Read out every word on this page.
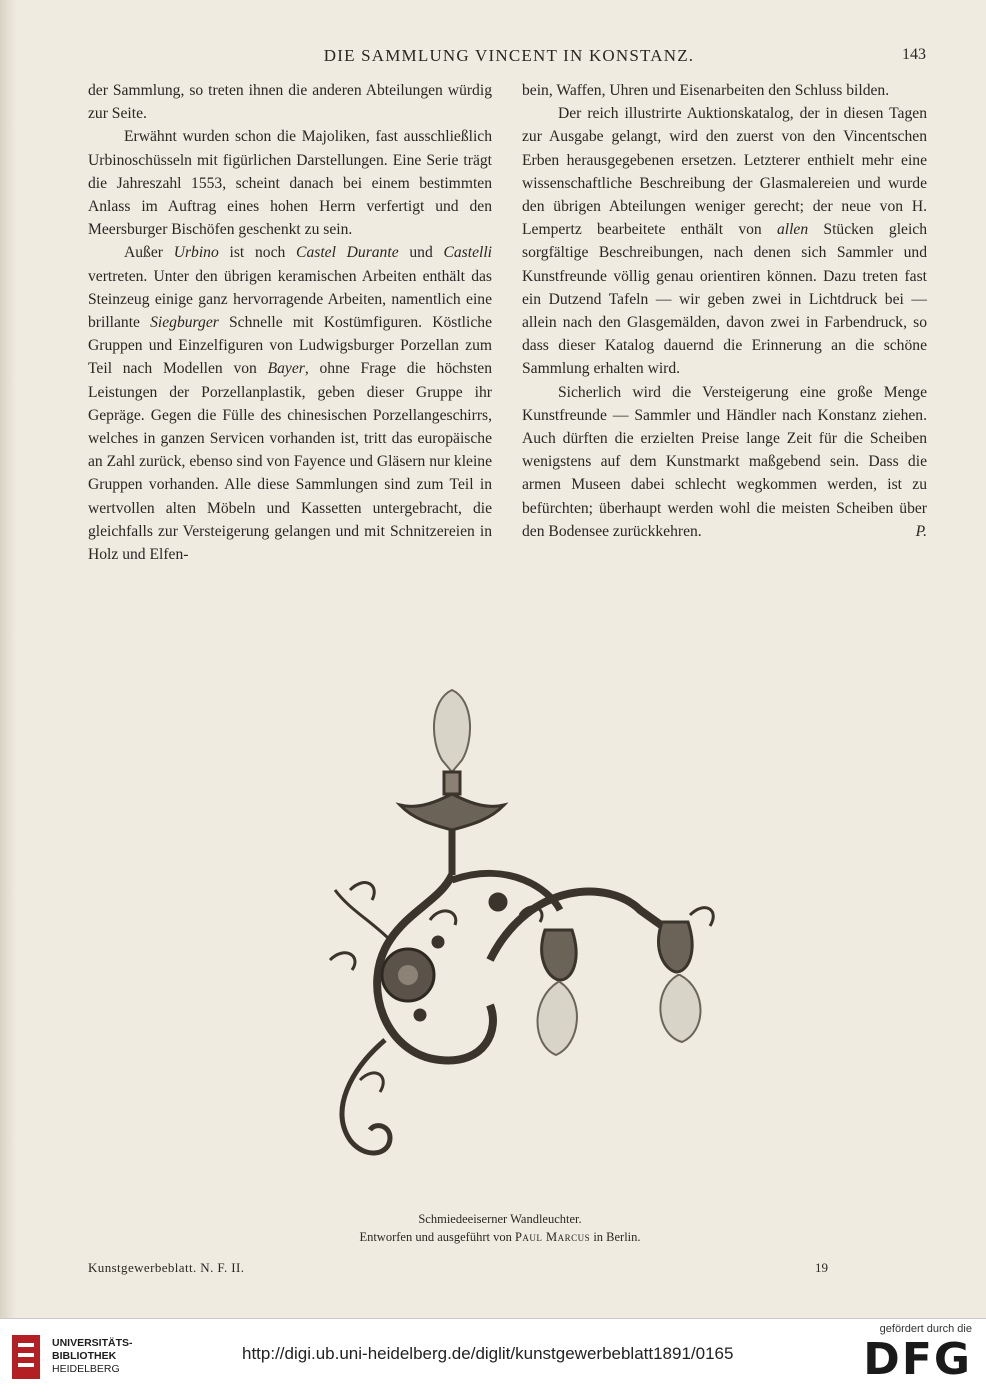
DIE SAMMLUNG VINCENT IN KONSTANZ.	143

der Sammlung, so treten ihnen die anderen Abteilungen würdig zur Seite.

Erwähnt wurden schon die Majoliken, fast ausschließlich Urbinoschüsseln mit figürlichen Darstellungen. Eine Serie trägt die Jahreszahl 1553, scheint danach bei einem bestimmten Anlass im Auftrag eines hohen Herrn verfertigt und den Meersburger Bischöfen geschenkt zu sein.

Außer Urbino ist noch Castel Durante und Castelli vertreten. Unter den übrigen keramischen Arbeiten enthält das Steinzeug einige ganz hervorragende Arbeiten, namentlich eine brillante Siegburger Schnelle mit Kostümfiguren. Köstliche Gruppen und Einzelfiguren von Ludwigsburger Porzellan zum Teil nach Modellen von Bayer, ohne Frage die höchsten Leistungen der Porzellanplastik, geben dieser Gruppe ihr Gepräge. Gegen die Fülle des chinesischen Porzellangeschirrs, welches in ganzen Servicen vorhanden ist, tritt das europäische an Zahl zurück, ebenso sind von Fayence und Gläsern nur kleine Gruppen vorhanden. Alle diese Sammlungen sind zum Teil in wertvollen alten Möbeln und Kassetten untergebracht, die gleichfalls zur Versteigerung gelangen und mit Schnitzereien in Holz und Elfen-

bein, Waffen, Uhren und Eisenarbeiten den Schluss bilden.

Der reich illustrirte Auktionskatalog, der in diesen Tagen zur Ausgabe gelangt, wird den zuerst von den Vincentschen Erben herausgegebenen ersetzen. Letzterer enthielt mehr eine wissenschaftliche Beschreibung der Glasmalereien und wurde den übrigen Abteilungen weniger gerecht; der neue von H. Lempertz bearbeitete enthält von allen Stücken gleich sorgfältige Beschreibungen, nach denen sich Sammler und Kunstfreunde völlig genau orientiren können. Dazu treten fast ein Dutzend Tafeln — wir geben zwei in Lichtdruck bei — allein nach den Glasgemälden, davon zwei in Farbendruck, so dass dieser Katalog dauernd die Erinnerung an die schöne Sammlung erhalten wird.

Sicherlich wird die Versteigerung eine große Menge Kunstfreunde — Sammler und Händler nach Konstanz ziehen. Auch dürften die erzielten Preise lange Zeit für die Scheiben wenigstens auf dem Kunstmarkt maßgebend sein. Dass die armen Museen dabei schlecht wegkommen werden, ist zu befürchten; überhaupt werden wohl die meisten Scheiben über den Bodensee zurückkehren.	P.

Schmiedeeiserner Wandleuchter.
Entworfen und ausgeführt von Paul Marcus in Berlin.
Kunstgewerbeblatt. N. F. II.	19
UNIVERSITÄTS-
BIBLIOTHEK
HEIDELBERG
http://digi.ub.uni-heidelberg.de/diglit/kunstgewerbeblatt1891/0165
gefördert durch die
DFG
